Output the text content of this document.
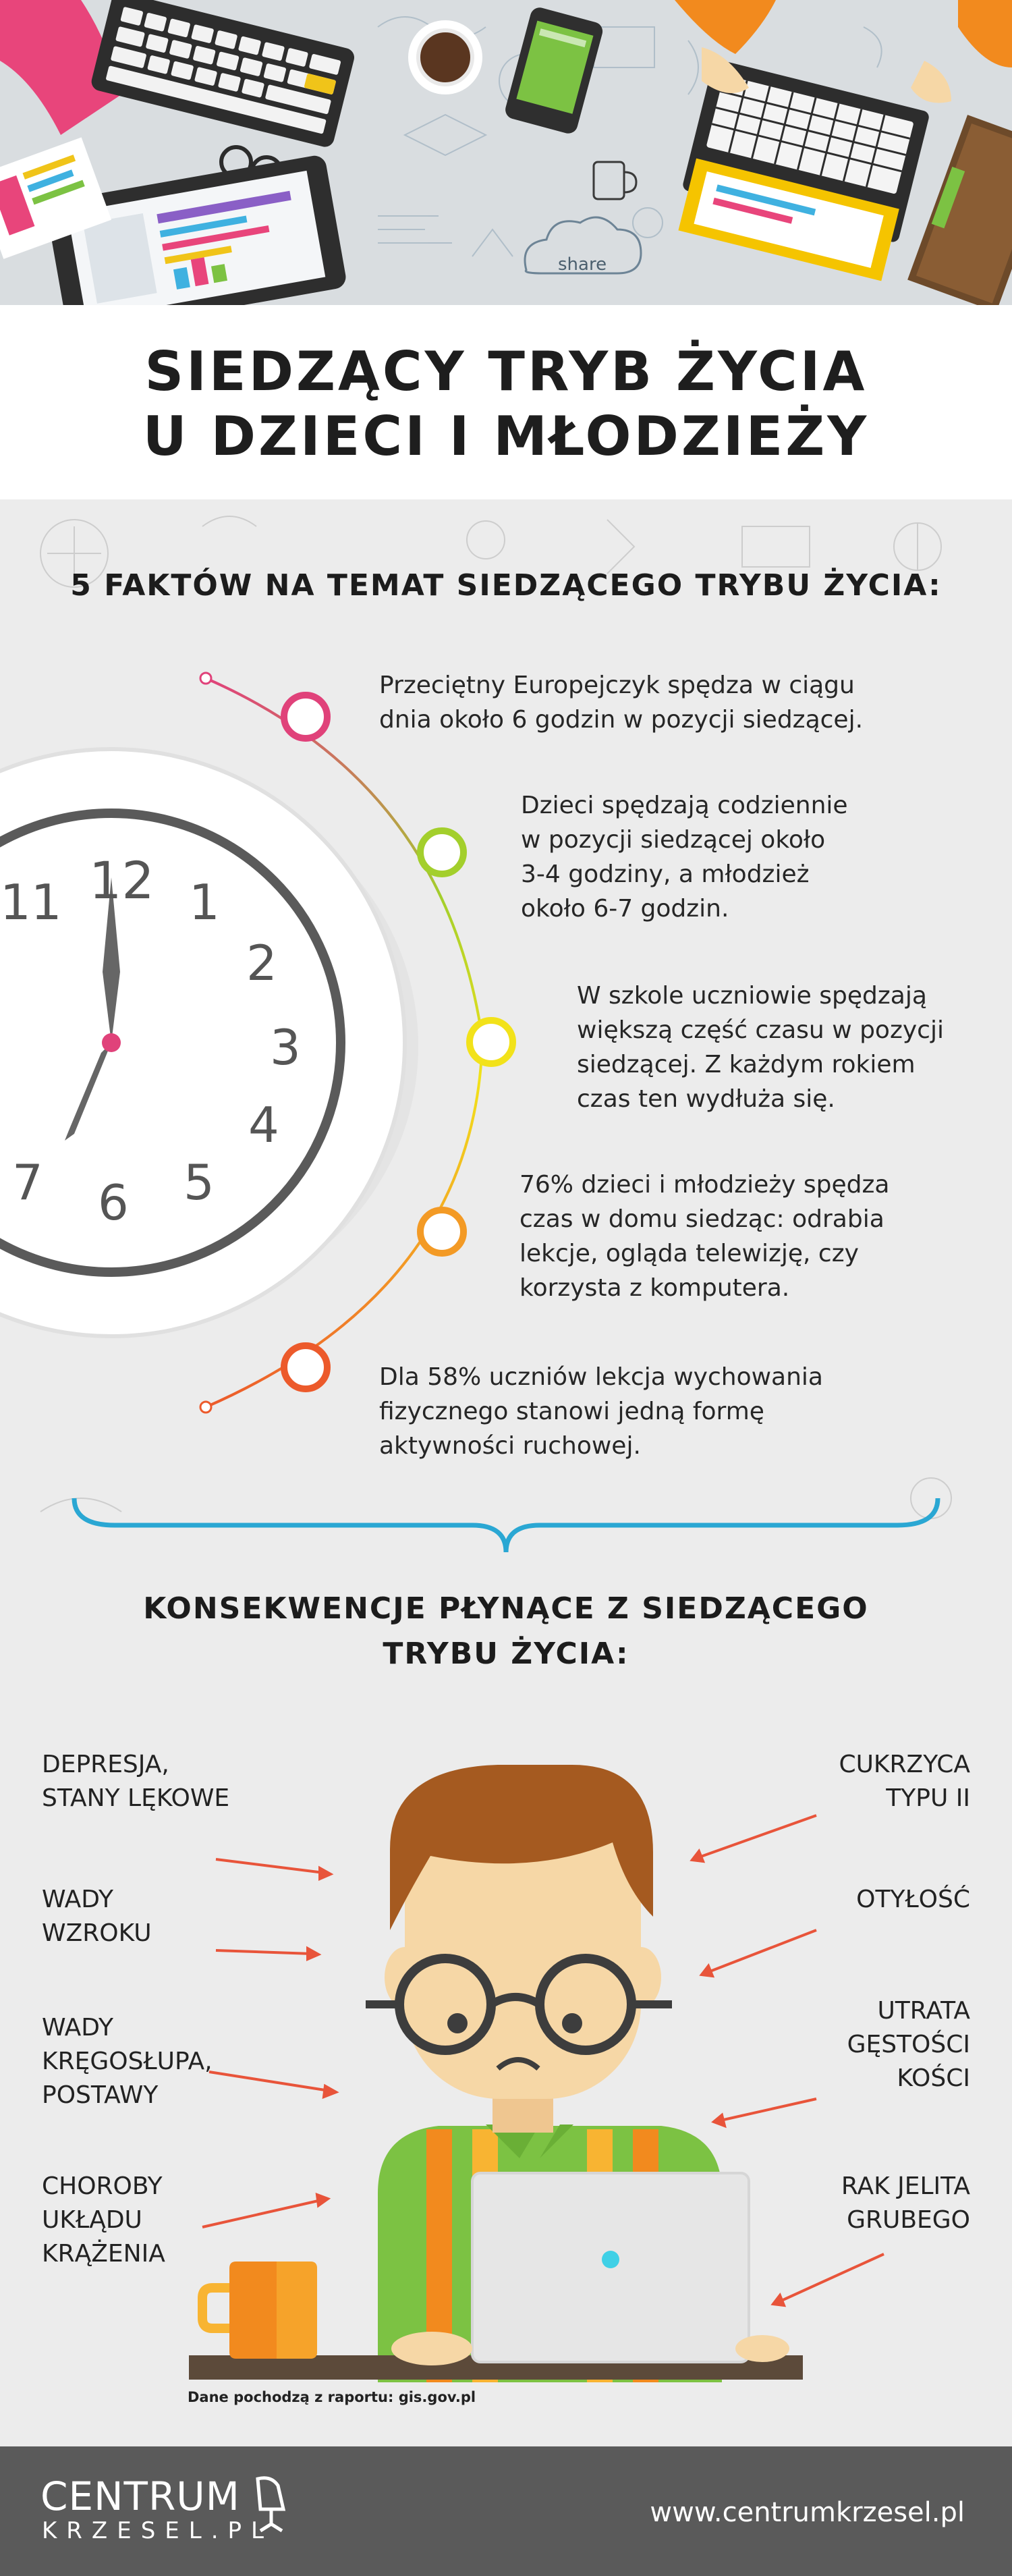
share
SIEDZĄCY TRYB ŻYCIA
U DZIECI I MŁODZIEŻY
12 1
2
3
4
5
6
7
11
5 FAKTÓW NA TEMAT SIEDZĄCEGO TRYBU ŻYCIA:
Przeciętny Europejczyk spędza w ciągu
dnia około 6 godzin w pozycji siedzącej.
Dzieci spędzają codziennie
w pozycji siedzącej około
3-4 godziny, a młodzież
około 6-7 godzin.
W szkole uczniowie spędzają
większą część czasu w pozycji
siedzącej. Z każdym rokiem
czas ten wydłuża się.
76% dzieci i młodzieży spędza
czas w domu siedząc: odrabia
lekcje, ogląda telewizję, czy
korzysta z komputera.
Dla 58% uczniów lekcja wychowania
fizycznego stanowi jedną formę
aktywności ruchowej.
KONSEKWENCJE PŁYNĄCE Z SIEDZĄCEGO
TRYBU ŻYCIA:
DEPRESJA,
STANY LĘKOWE
WADY
WZROKU
WADY
KRĘGOSŁUPA,
POSTAWY
CHOROBY
UKŁĄDU
KRĄŻENIA
CUKRZYCA
TYPU II
OTYŁOŚĆ
UTRATA
GĘSTOŚCI
KOŚCI
RAK JELITA
GRUBEGO
Dane pochodzą z raportu: gis.gov.pl
CENTRUM
KRZESEL.PL
www.centrumkrzesel.pl
